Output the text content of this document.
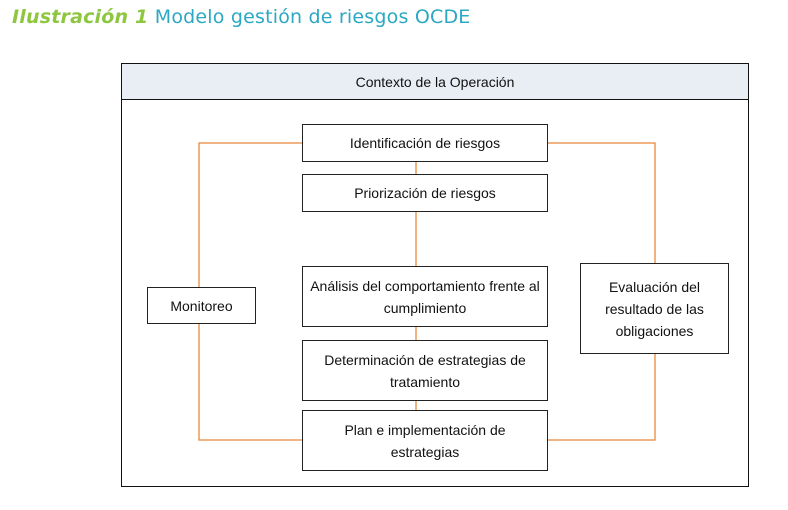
Ilustración 1 Modelo gestión de riesgos OCDE
Contexto de la Operación
Identificación de riesgos
Priorización de riesgos
Análisis del comportamiento frente al cumplimiento
Determinación de estrategias de tratamiento
Plan e implementación de estrategias
Monitoreo
Evaluación del resultado de las obligaciones
